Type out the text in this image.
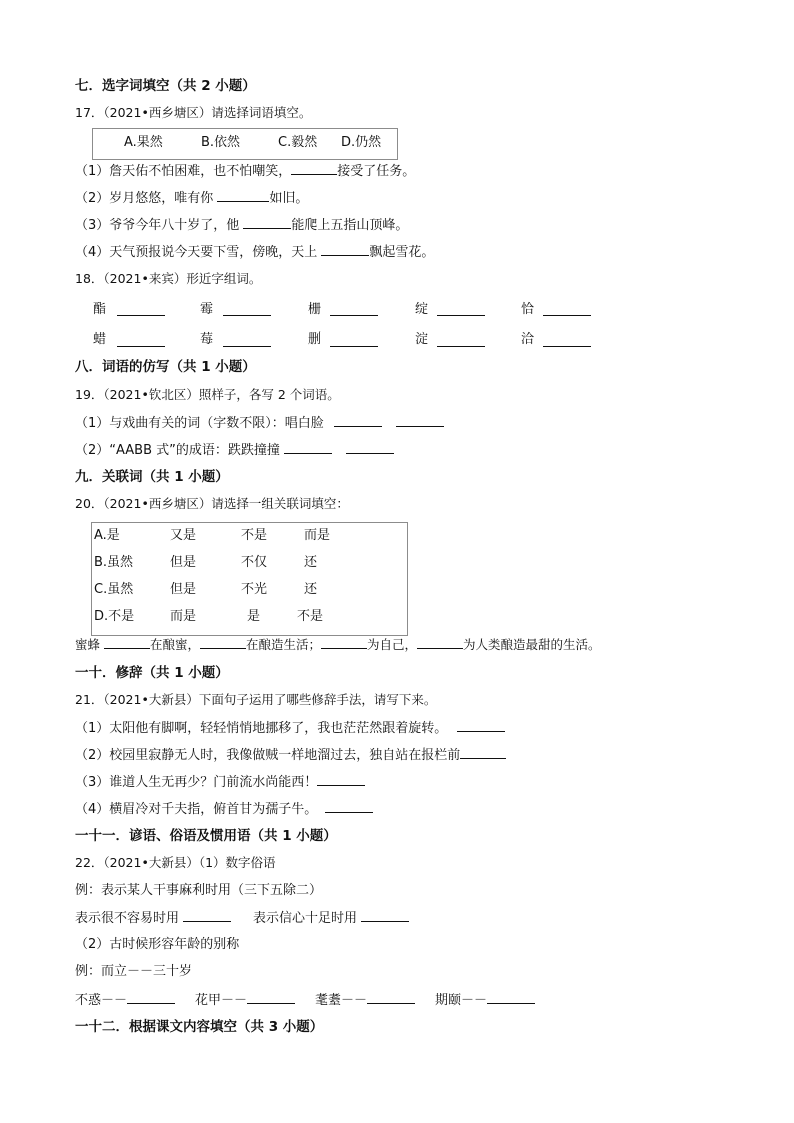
七．选字词填空（共 2 小题）
17．（2021•西乡塘区）请选择词语填空。
A.果然	B.依然	C.毅然 D.仍然
（1）詹天佑不怕困难，也不怕嘲笑，	接受了任务。
（2）岁月悠悠，唯有你	如旧。
（3）爷爷今年八十岁了，他	能爬上五指山顶峰。
（4）天气预报说今天要下雪，傍晚，天上	飘起雪花。
18．（2021•来宾）形近字组词。
酯	霉	栅	绽	恰
蜡	莓	删	淀	洽
八．词语的仿写（共 1 小题）
19．（2021•钦北区）照样子，各写 2 个词语。
（1）与戏曲有关的词（字数不限）：唱白脸
（2）“AABB 式”的成语：跌跌撞撞
九．关联词（共 1 小题）
20．（2021•西乡塘区）请选择一组关联词填空：
A.是	又是	不是	而是
B.虽然	但是	不仅	还
C.虽然	但是	不光	还
D.不是	而是	是	不是
蜜蜂	在酿蜜，	在酿造生活；	为自己，	为人类酿造最甜的生活。
一十．修辞（共 1 小题）
21．（2021•大新县）下面句子运用了哪些修辞手法，请写下来。
（1）太阳他有脚啊，轻轻悄悄地挪移了，我也茫茫然跟着旋转。
（2）校园里寂静无人时，我像做贼一样地溜过去，独自站在报栏前
（3）谁道人生无再少？门前流水尚能西！
（4）横眉冷对千夫指，俯首甘为孺子牛。
一十一．谚语、俗语及惯用语（共 1 小题）
22．（2021•大新县）（1）数字俗语
例：表示某人干事麻利时用（三下五除二）
表示很不容易时用	表示信心十足时用
（2）古时候形容年龄的别称
例：而立－－三十岁
不惑－－	花甲－－	耄耋－－	期颐－－
一十二．根据课文内容填空（共 3 小题）
